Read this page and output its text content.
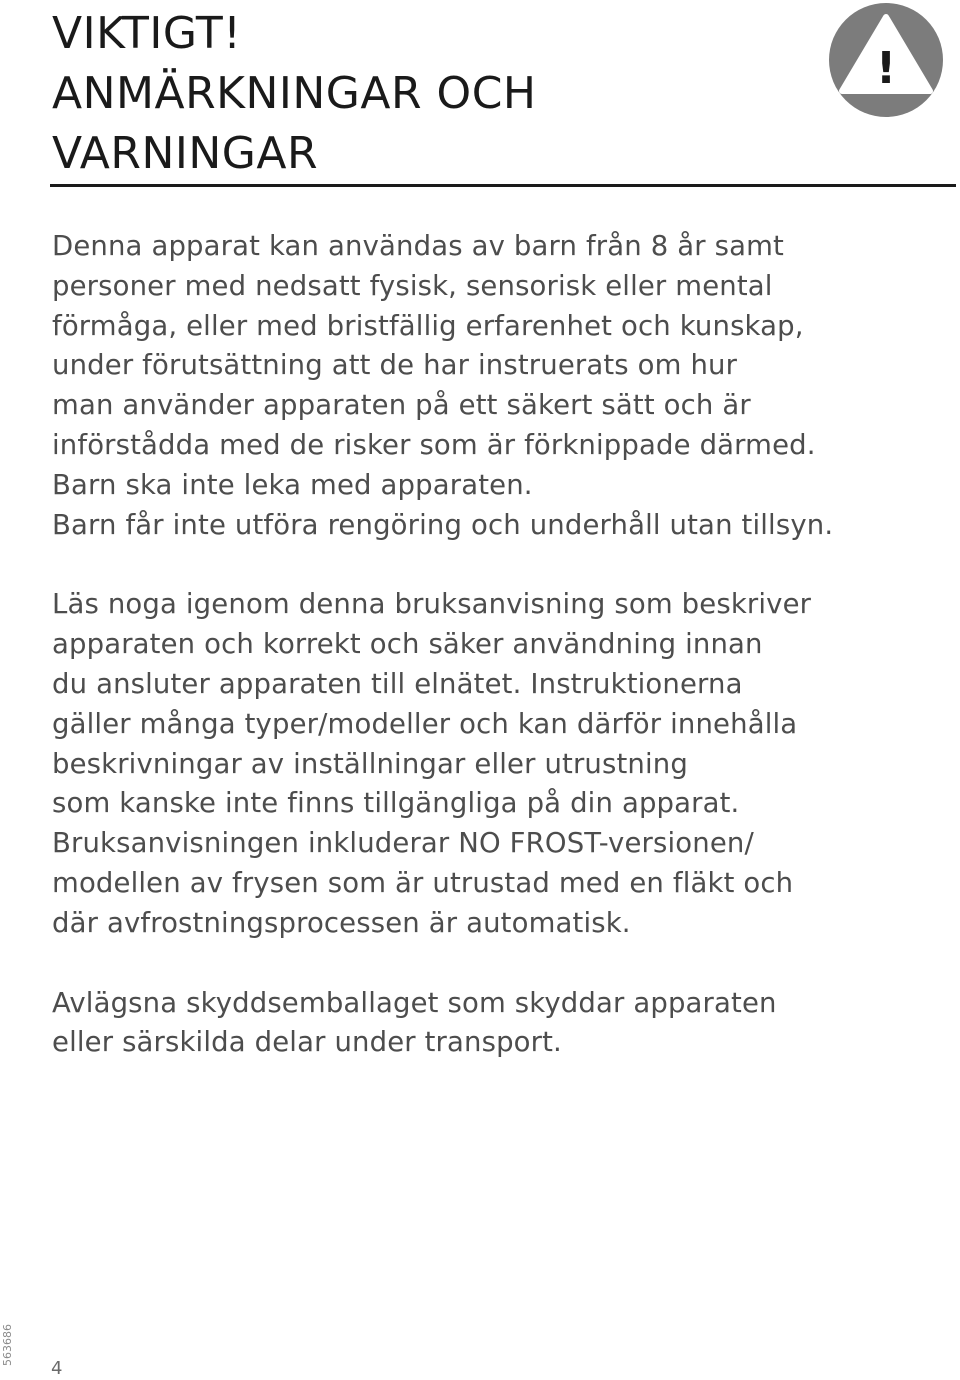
VIKTIGT!
ANMÄRKNINGAR OCH
VARNINGAR
!

Denna apparat kan användas av barn från 8 år samt
personer med nedsatt fysisk, sensorisk eller mental
förmåga, eller med bristfällig erfarenhet och kunskap,
under förutsättning att de har instruerats om hur
man använder apparaten på ett säkert sätt och är
införstådda med de risker som är förknippade därmed.
Barn ska inte leka med apparaten.
Barn får inte utföra rengöring och underhåll utan tillsyn.

Läs noga igenom denna bruksanvisning som beskriver
apparaten och korrekt och säker användning innan
du ansluter apparaten till elnätet. Instruktionerna
gäller många typer/modeller och kan därför innehålla
beskrivningar av inställningar eller utrustning
som kanske inte finns tillgängliga på din apparat.
Bruksanvisningen inkluderar NO FROST-versionen/
modellen av frysen som är utrustad med en fläkt och
där avfrostningsprocessen är automatisk.

Avlägsna skyddsemballaget som skyddar apparaten
eller särskilda delar under transport.

563686
4
